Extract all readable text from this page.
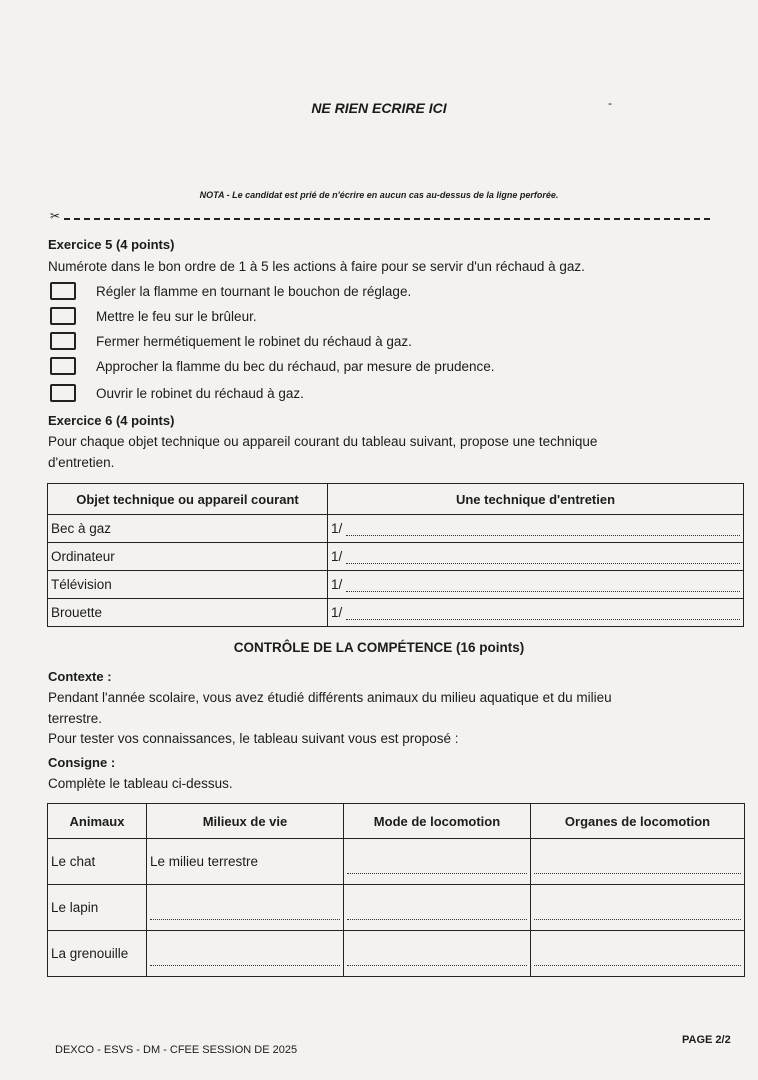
NE RIEN ECRIRE ICI	-
NOTA - Le candidat est prié de n'écrire en aucun cas au-dessus de la ligne perforée.
✂
Exercice 5 (4 points)
Numérote dans le bon ordre de 1 à 5 les actions à faire pour se servir d'un réchaud à gaz.
Régler la flamme en tournant le bouchon de réglage.
Mettre le feu sur le brûleur.
Fermer hermétiquement le robinet du réchaud à gaz.
Approcher la flamme du bec du réchaud, par mesure de prudence.
Ouvrir le robinet du réchaud à gaz.
Exercice 6 (4 points)
Pour chaque objet technique ou appareil courant du tableau suivant, propose une technique
d'entretien.
Objet technique ou appareil courant	Une technique d'entretien
Bec à gaz	1/

Ordinateur	1/

Télévision	1/

Brouette	1/
CONTRÔLE DE LA COMPÉTENCE (16 points)
Contexte :
Pendant l'année scolaire, vous avez étudié différents animaux du milieu aquatique et du milieu
terrestre.
Pour tester vos connaissances, le tableau suivant vous est proposé :
Consigne :
Complète le tableau ci-dessus.
Animaux	Milieux de vie	Mode de locomotion	Organes de locomotion
Le chat	Le milieu terrestre	

Le lapin	

La grenouille	

DEXCO - ESVS - DM - CFEE SESSION DE 2025
PAGE 2/2
